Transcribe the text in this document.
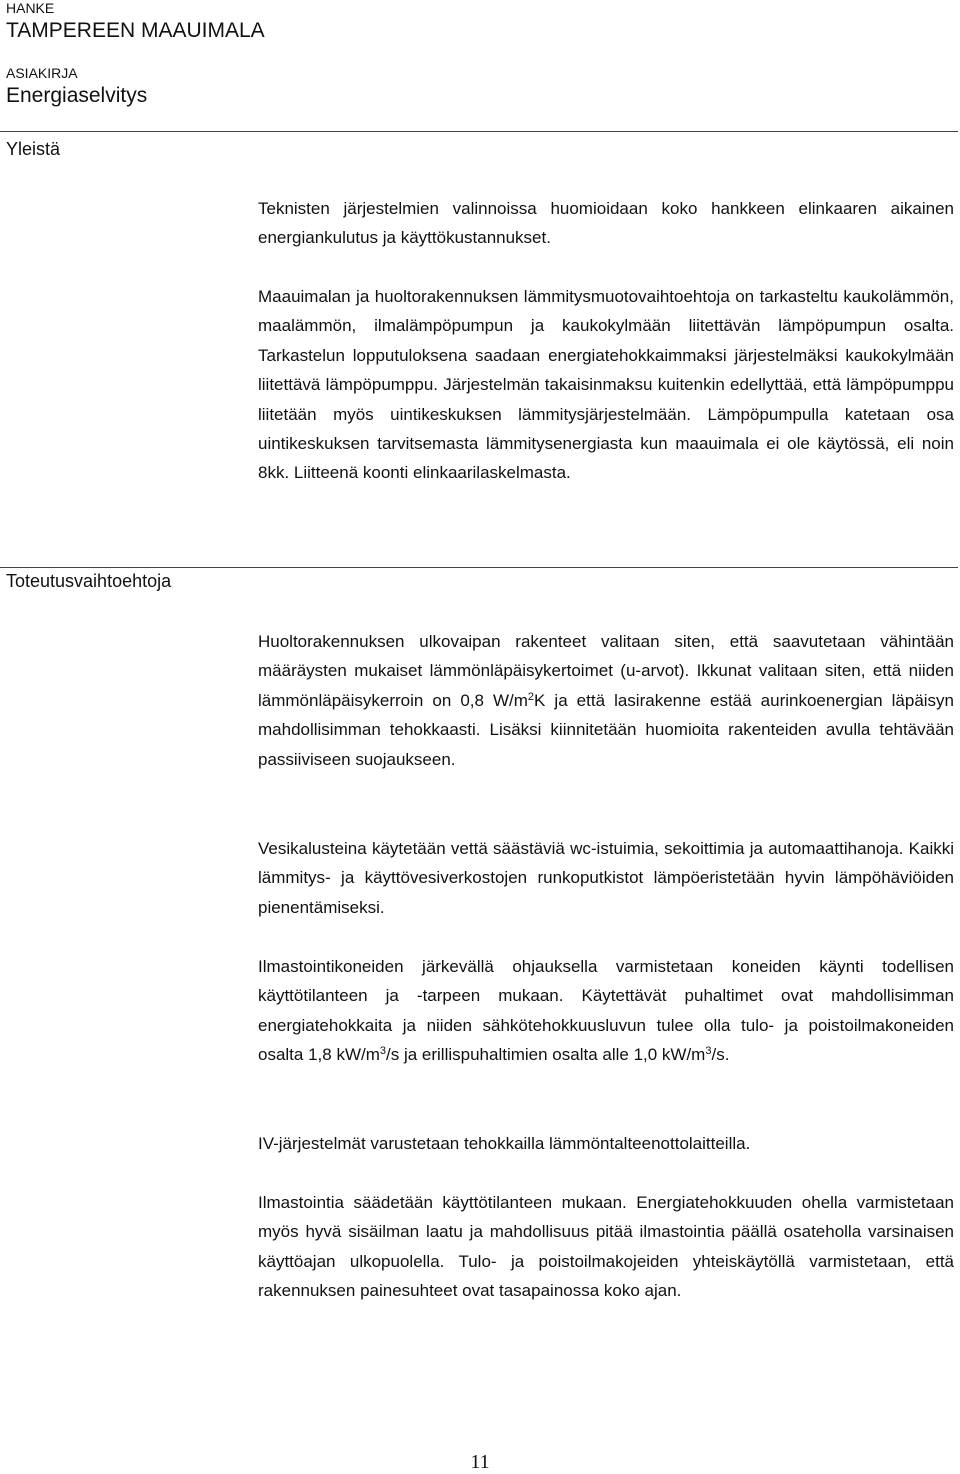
HANKE
TAMPEREEN MAAUIMALA
ASIAKIRJA
Energiaselvitys
Yleistä

Teknisten järjestelmien valinnoissa huomioidaan koko hankkeen elinkaaren aikainen energiankulutus ja käyttökustannukset.

Maauimalan ja huoltorakennuksen lämmitysmuotovaihtoehtoja on tarkasteltu kaukolämmön, maalämmön, ilmalämpöpumpun ja kaukokylmään liitettävän lämpöpumpun osalta. Tarkastelun lopputuloksena saadaan energiatehokkaimmaksi järjestelmäksi kaukokylmään liitettävä lämpöpumppu. Järjestelmän takaisinmaksu kuitenkin edellyttää, että lämpöpumppu liitetään myös uintikeskuksen lämmitysjärjestelmään. Lämpöpumpulla katetaan osa uintikeskuksen tarvitsemasta lämmitysenergiasta kun maauimala ei ole käytössä, eli noin 8kk. Liitteenä koonti elinkaarilaskelmasta.

Toteutusvaihtoehtoja

Huoltorakennuksen ulkovaipan rakenteet valitaan siten, että saavutetaan vähintään määräysten mukaiset lämmönläpäisykertoimet (u-arvot). Ikkunat valitaan siten, että niiden lämmönläpäisykerroin on 0,8 $W/m^2K$ ja että lasirakenne estää aurinkoenergian läpäisyn mahdollisimman tehokkaasti. Lisäksi kiinnitetään huomioita rakenteiden avulla tehtävään passiiviseen suojaukseen.

Vesikalusteina käytetään vettä säästäviä wc-istuimia, sekoittimia ja automaattihanoja. Kaikki lämmitys- ja käyttövesiverkostojen runkoputkistot lämpöeristetään hyvin lämpöhäviöiden pienentämiseksi.

Ilmastointikoneiden järkevällä ohjauksella varmistetaan koneiden käynti todellisen käyttötilanteen ja -tarpeen mukaan. Käytettävät puhaltimet ovat mahdollisimman energiatehokkaita ja niiden sähkötehokkuusluvun tulee olla tulo- ja poistoilmakoneiden osalta 1,8 $kW/m^3/s$ ja erillispuhaltimien osalta alle 1,0 $kW/m^3/s$.

IV-järjestelmät varustetaan tehokkailla lämmöntalteenottolaitteilla.

Ilmastointia säädetään käyttötilanteen mukaan. Energiatehokkuuden ohella varmistetaan myös hyvä sisäilman laatu ja mahdollisuus pitää ilmastointia päällä osateholla varsinaisen käyttöajan ulkopuolella. Tulo- ja poistoilmakojeiden yhteiskäytöllä varmistetaan, että rakennuksen painesuhteet ovat tasapainossa koko ajan.

11
